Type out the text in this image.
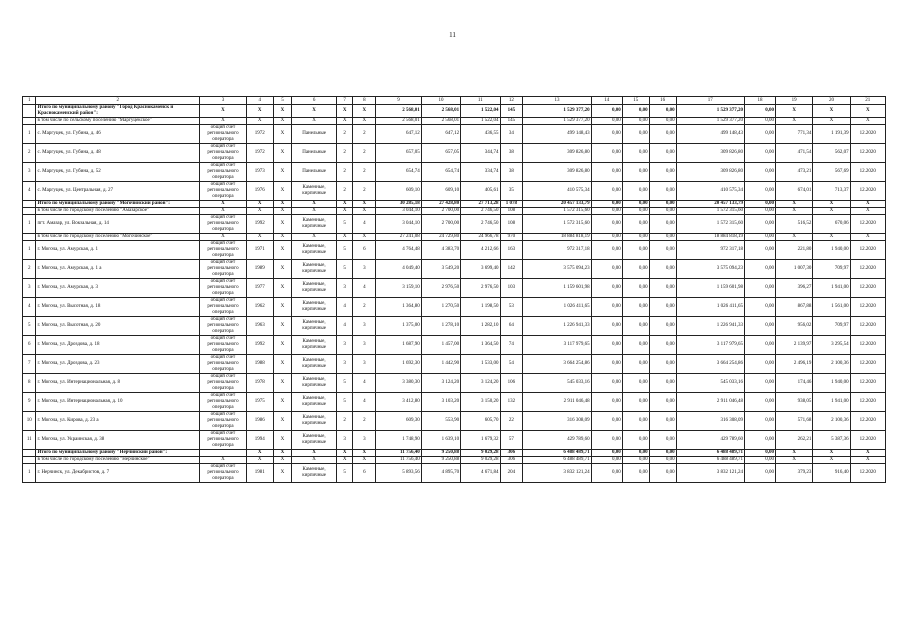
11
1	2	3	4	5	6	7	8	9	10	11	12	13	14	15	16	17	18	19	20	21
	Итого по муниципальному району "Город Краснокаменск и Краснокаменский район":	X	X	X	X	X	X	2 568,01	2 568,01	1 522,04	145	1 529 377,20	0,00	0,00	0,00	1 529 377,20	0,00	X	X	X
	в том числе по сельскому поселению "Маргуцекское"	X	X	X	X	X	X	2 568,01	2 568,01	1 522,04	145	1 529 377,20	0,00	0,00	0,00	1 529 377,20	0,00	X	X	X
1	с. Маргуцек, ул. Губина, д. 46	общий счет регионального оператора	1972	X	Панельные	2	2	647,12	647,12	436,55	34	499 148,43	0,00	0,00	0,00	499 148,43	0,00	771,34	1 191,39	12.2020
2	с. Маргуцек, ул. Губина, д. 48	общий счет регионального оператора	1972	X	Панельные	2	2	657,05	657,05	344,74	38	309 826,80	0,00	0,00	0,00	309 826,80	0,00	471,54	562,07	12.2020
3	с. Маргуцек, ул. Губина, д. 52	общий счет регионального оператора	1973	X	Панельные	2	2	654,74	654,74	334,74	38	309 826,80	0,00	0,00	0,00	309 826,80	0,00	473,21	567,69	12.2020
4	с. Маргуцек, ул. Центральная, д. 27	общий счет регионального оператора	1976	X	Каменные, кирпичные	2	2	609,10	609,10	405,61	35	410 575,34	0,00	0,00	0,00	410 575,34	0,00	674,01	713,37	12.2020
	Итого по муниципальному району "Могочинский район":	X	X	X	X	X	X	30 285,18	27 428,80	27 713,28	1 078	20 457 133,79	0,00	0,00	0,00	20 457 133,79	0,00	X	X	X
	в том числе по городскому поселению "Амазарское"	X	X	X	X	X	X	3 044,10	2 700,00	2 746,50	108	1 572 315,60	0,00	0,00	0,00	1 572 315,60	0,00	X	X	X
1	пгт. Амазар, ул. Вокзальная, д. 14	общий счет регионального оператора	1992	X	Каменные, кирпичные	5	4	3 044,10	2 700,00	2 746,50	108	1 572 315,60	0,00	0,00	0,00	1 572 315,60	0,00	516,52	670,06	12.2020
	в том числе по городскому поселению "Могочинское"	X	X	X	X	X	X	27 241,08	24 729,80	24 966,78	970	18 884 818,19	0,00	0,00	0,00	18 884 818,19	0,00	X	X	X
1	г. Могоча, ул. Амурская, д. 1	общий счет регионального оператора	1971	X	Каменные, кирпичные	5	6	4 764,48	4 383,70	4 212,66	163	972 317,18	0,00	0,00	0,00	972 317,18	0,00	221,80	1 940,00	12.2020
2	г. Могоча, ул. Амурская, д. 1 а	общий счет регионального оператора	1989	X	Каменные, кирпичные	5	3	4 049,40	3 549,20	3 699,40	142	3 575 094,23	0,00	0,00	0,00	3 575 094,23	0,00	1 007,30	709,97	12.2020
3	г. Могоча, ул. Амурская, д. 3	общий счет регионального оператора	1977	X	Каменные, кирпичные	3	4	3 159,10	2 976,50	2 976,50	103	1 159 601,98	0,00	0,00	0,00	1 159 601,98	0,00	396,27	1 941,00	12.2020
4	г. Могоча, ул. Высотная, д. 18	общий счет регионального оператора	1962	X	Каменные, кирпичные	4	2	1 364,80	1 270,50	1 198,50	53	1 026 411,65	0,00	0,00	0,00	1 026 411,65	0,00	867,88	1 561,00	12.2020
5	г. Могоча, ул. Высотная, д. 20	общий счет регионального оператора	1963	X	Каменные, кирпичные	4	3	1 375,00	1 278,10	1 282,10	64	1 226 941,33	0,00	0,00	0,00	1 226 941,33	0,00	956,02	709,97	12.2020
6	г. Могоча, ул. Дроздова, д. 18	общий счет регионального оператора	1992	X	Каменные, кирпичные	3	3	1 687,90	1 457,00	1 364,50	74	3 117 979,65	0,00	0,00	0,00	3 117 979,65	0,00	2 139,97	3 295,54	12.2020
7	г. Могоча, ул. Дроздова, д. 23	общий счет регионального оператора	1988	X	Каменные, кирпичные	3	3	1 692,30	1 442,90	1 533,00	54	3 664 254,86	0,00	0,00	0,00	3 664 254,86	0,00	2 496,19	2 100,36	12.2020
8	г. Могоча, ул. Интернациональная, д. 8	общий счет регионального оператора	1978	X	Каменные, кирпичные	5	4	3 380,30	3 124,20	3 124,20	106	545 033,16	0,00	0,00	0,00	545 033,16	0,00	174,46	1 940,00	12.2020
9	г. Могоча, ул. Интернациональная, д. 10	общий счет регионального оператора	1975	X	Каменные, кирпичные	5	4	3 412,80	3 103,20	3 150,20	132	2 911 046,48	0,00	0,00	0,00	2 911 046,48	0,00	938,05	1 941,00	12.2020
10	г. Могоча, ул. Кирова, д. 23 а	общий счет регионального оператора	1986	X	Каменные, кирпичные	2	2	609,30	553,90	605,70	22	316 308,09	0,00	0,00	0,00	316 308,09	0,00	571,68	2 100,36	12.2020
11	г. Могоча, ул. Украинская, д. 38	общий счет регионального оператора	1994	X	Каменные, кирпичные	3	3	1 748,90	1 639,10	1 679,32	57	429 789,60	0,00	0,00	0,00	429 789,60	0,00	262,21	5 387,36	12.2020
	Итого по муниципальному району "Нерчинский район":		X	X	X	X	X	11 756,40	9 250,88	9 029,28	306	6 488 489,71	0,00	0,00	0,00	6 488 489,71	0,00	X	X	X
	в том числе по городскому поселению "Нерчинское"	X	X	X	X	X	X	11 756,40	9 250,88	9 029,28	306	6 488 489,71	0,00	0,00	0,00	6 488 489,71	0,00	X	X	X
1	г. Нерчинск, ул. Декабристов, д. 7	общий счет регионального оператора	1981	X	Каменные, кирпичные	5	6	5 893,56	4 895,70	4 671,84	204	3 832 121,24	0,00	0,00	0,00	3 832 121,24	0,00	379,23	916,40	12.2020
